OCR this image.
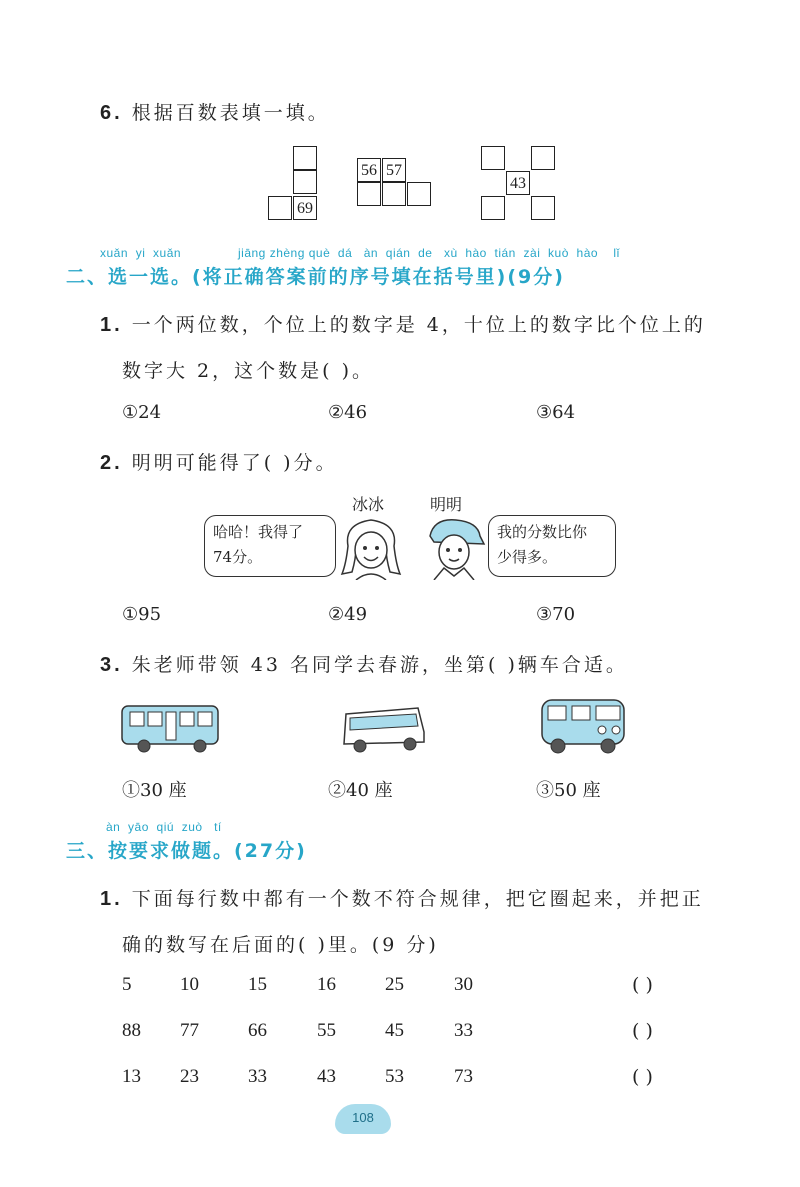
6. 根据百数表填一填。
69
56 57
43
xuǎn  yi  xuǎn	jiāng zhèng què  dá   àn  qián  de   xù  hào  tián  zài  kuò  hào    lǐ
二、选一选。(将正确答案前的序号填在括号里)(9分)
1. 一个两位数，个位上的数字是 4，十位上的数字比个位上的
数字大 2，这个数是( )。
①24	②46	③64
2. 明明可能得了( )分。
冰冰	明明
哈哈！我得了
74分。
我的分数比你
少得多。
①95	②49	③70
3. 朱老师带领 43 名同学去春游，坐第( )辆车合适。
①30 座	②40 座	③50 座
àn  yāo  qiú  zuò   tí
三、按要求做题。(27分)
1. 下面每行数中都有一个数不符合规律，把它圈起来，并把正
确的数写在后面的( )里。(9 分)
5	10	15	16	25	30	( )
88 77	66	55	45	33	( )
13 23	33	43	53	73	( )
108
